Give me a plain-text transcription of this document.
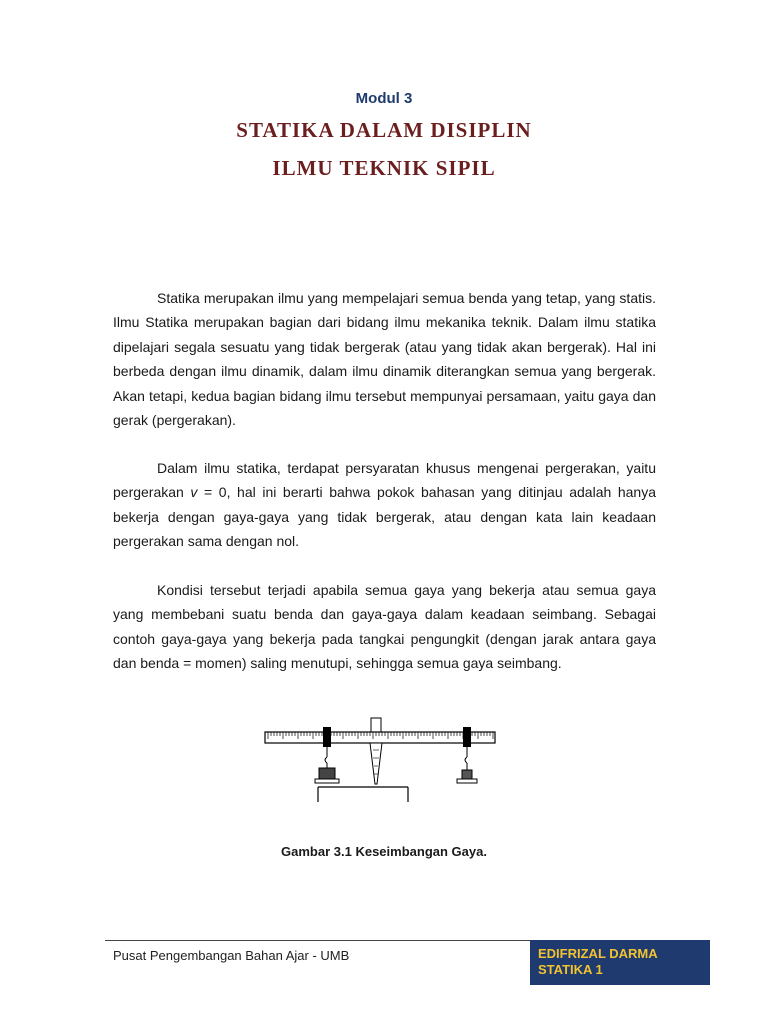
Modul 3
STATIKA DALAM DISIPLIN
ILMU TEKNIK SIPIL

Statika merupakan ilmu yang mempelajari semua benda yang tetap, yang statis. Ilmu Statika merupakan bagian dari bidang ilmu mekanika teknik. Dalam ilmu statika dipelajari segala sesuatu yang tidak bergerak (atau yang tidak akan bergerak). Hal ini berbeda dengan ilmu dinamik, dalam ilmu dinamik diterangkan semua yang bergerak. Akan tetapi, kedua bagian bidang ilmu tersebut mempunyai persamaan, yaitu gaya dan gerak (pergerakan).

Dalam ilmu statika, terdapat persyaratan khusus mengenai pergerakan, yaitu pergerakan v = 0, hal ini berarti bahwa pokok bahasan yang ditinjau adalah hanya bekerja dengan gaya-gaya yang tidak bergerak, atau dengan kata lain keadaan pergerakan sama dengan nol.

Kondisi tersebut terjadi apabila semua gaya yang bekerja atau semua gaya yang membebani suatu benda dan gaya-gaya dalam keadaan seimbang. Sebagai contoh gaya-gaya yang bekerja pada tangkai pengungkit (dengan jarak antara gaya dan benda = momen) saling menutupi, sehingga semua gaya seimbang.

Gambar 3.1 Keseimbangan Gaya.
Pusat Pengembangan Bahan Ajar - UMB	EDIFRIZAL DARMA
STATIKA 1
